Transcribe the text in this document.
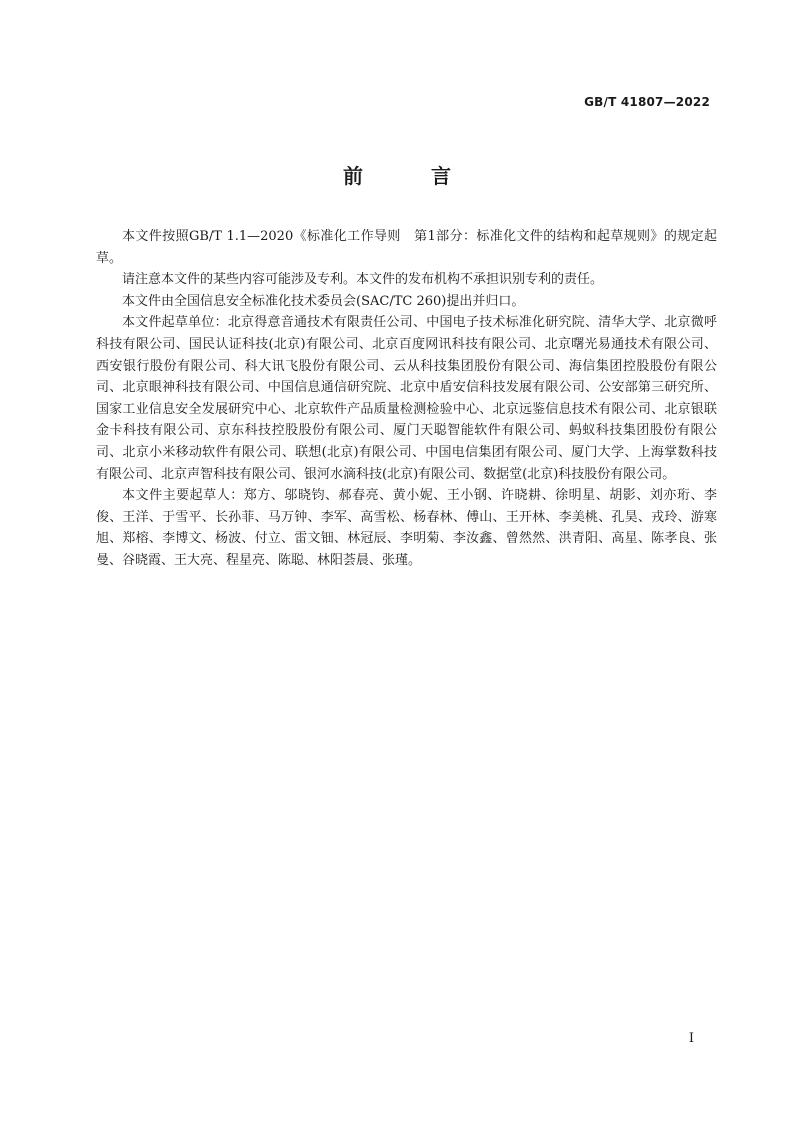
GB/T 41807—2022
前　言

本文件按照GB/T 1.1—2020《标准化工作导则　第1部分：标准化文件的结构和起草规则》的规定起草。

请注意本文件的某些内容可能涉及专利。本文件的发布机构不承担识别专利的责任。

本文件由全国信息安全标准化技术委员会(SAC/TC 260)提出并归口。

本文件起草单位：北京得意音通技术有限责任公司、中国电子技术标准化研究院、清华大学、北京微呼科技有限公司、国民认证科技(北京)有限公司、北京百度网讯科技有限公司、北京曙光易通技术有限公司、西安银行股份有限公司、科大讯飞股份有限公司、云从科技集团股份有限公司、海信集团控股股份有限公司、北京眼神科技有限公司、中国信息通信研究院、北京中盾安信科技发展有限公司、公安部第三研究所、国家工业信息安全发展研究中心、北京软件产品质量检测检验中心、北京远鉴信息技术有限公司、北京银联金卡科技有限公司、京东科技控股股份有限公司、厦门天聪智能软件有限公司、蚂蚁科技集团股份有限公司、北京小米移动软件有限公司、联想(北京)有限公司、中国电信集团有限公司、厦门大学、上海掌数科技有限公司、北京声智科技有限公司、银河水滴科技(北京)有限公司、数据堂(北京)科技股份有限公司。

本文件主要起草人：郑方、邬晓钧、郝春亮、黄小妮、王小钢、许晓耕、徐明星、胡影、刘亦珩、李俊、王洋、于雪平、长孙菲、马万钟、李军、高雪松、杨春林、傅山、王开林、李美桃、孔昊、戎玲、游寒旭、郑榕、李博文、杨波、付立、雷文钿、林冠辰、李明菊、李汝鑫、曾然然、洪青阳、高星、陈孝良、张曼、谷晓霞、王大亮、程星亮、陈聪、林阳荟晨、张瑾。

I
